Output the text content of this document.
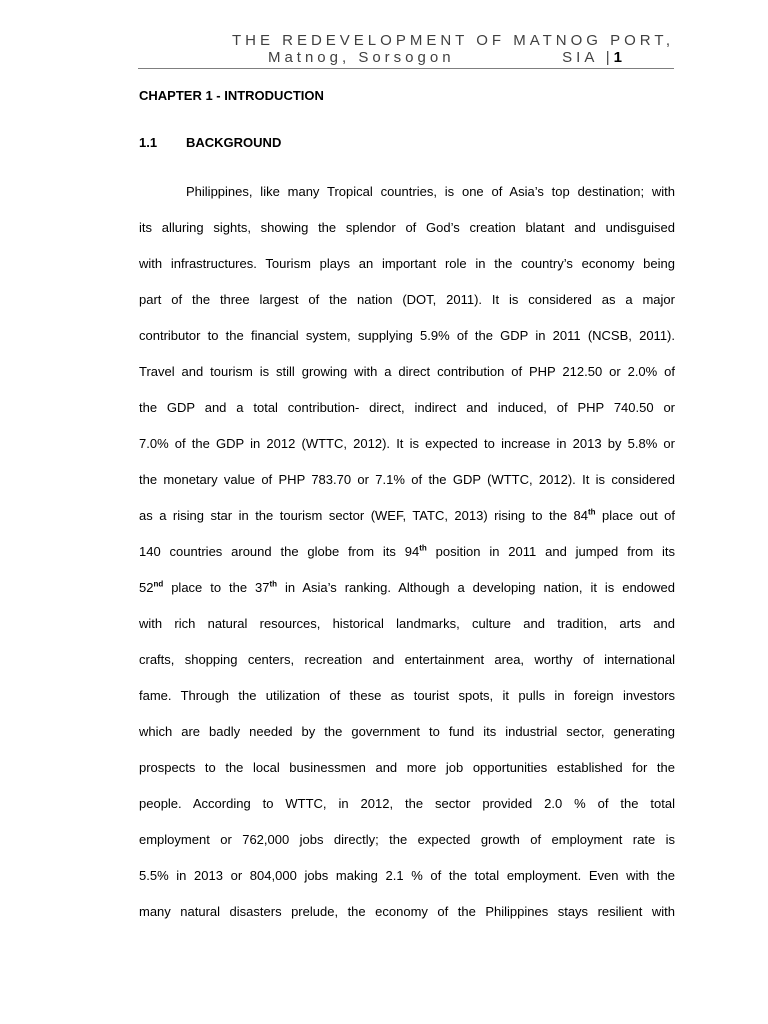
THE REDEVELOPMENT OF MATNOG PORT,
Matnog, Sorsogon	SIA |1
CHAPTER 1 - INTRODUCTION
1.1 BACKGROUND
Philippines, like many Tropical countries, is one of Asia’s top destination; with
its alluring sights, showing the splendor of God’s creation blatant and undisguised
with infrastructures. Tourism plays an important role in the country’s economy being
part of the three largest of the nation (DOT, 2011). It is considered as a major
contributor to the financial system, supplying 5.9% of the GDP in 2011 (NCSB, 2011).
Travel and tourism is still growing with a direct contribution of PHP 212.50 or 2.0% of
the GDP and a total contribution- direct, indirect and induced, of PHP 740.50 or
7.0% of the GDP in 2012 (WTTC, 2012). It is expected to increase in 2013 by 5.8% or
the monetary value of PHP 783.70 or 7.1% of the GDP (WTTC, 2012). It is considered
as a rising star in the tourism sector (WEF, TATC, 2013) rising to the 84th place out of
140 countries around the globe from its 94th position in 2011 and jumped from its
52nd place to the 37th in Asia’s ranking. Although a developing nation, it is endowed
with rich natural resources, historical landmarks, culture and tradition, arts and
crafts, shopping centers, recreation and entertainment area, worthy of international
fame. Through the utilization of these as tourist spots, it pulls in foreign investors
which are badly needed by the government to fund its industrial sector, generating
prospects to the local businessmen and more job opportunities established for the
people. According to WTTC, in 2012, the sector provided 2.0 % of the total
employment or 762,000 jobs directly; the expected growth of employment rate is
5.5% in 2013 or 804,000 jobs making 2.1 % of the total employment. Even with the
many natural disasters prelude, the economy of the Philippines stays resilient with
